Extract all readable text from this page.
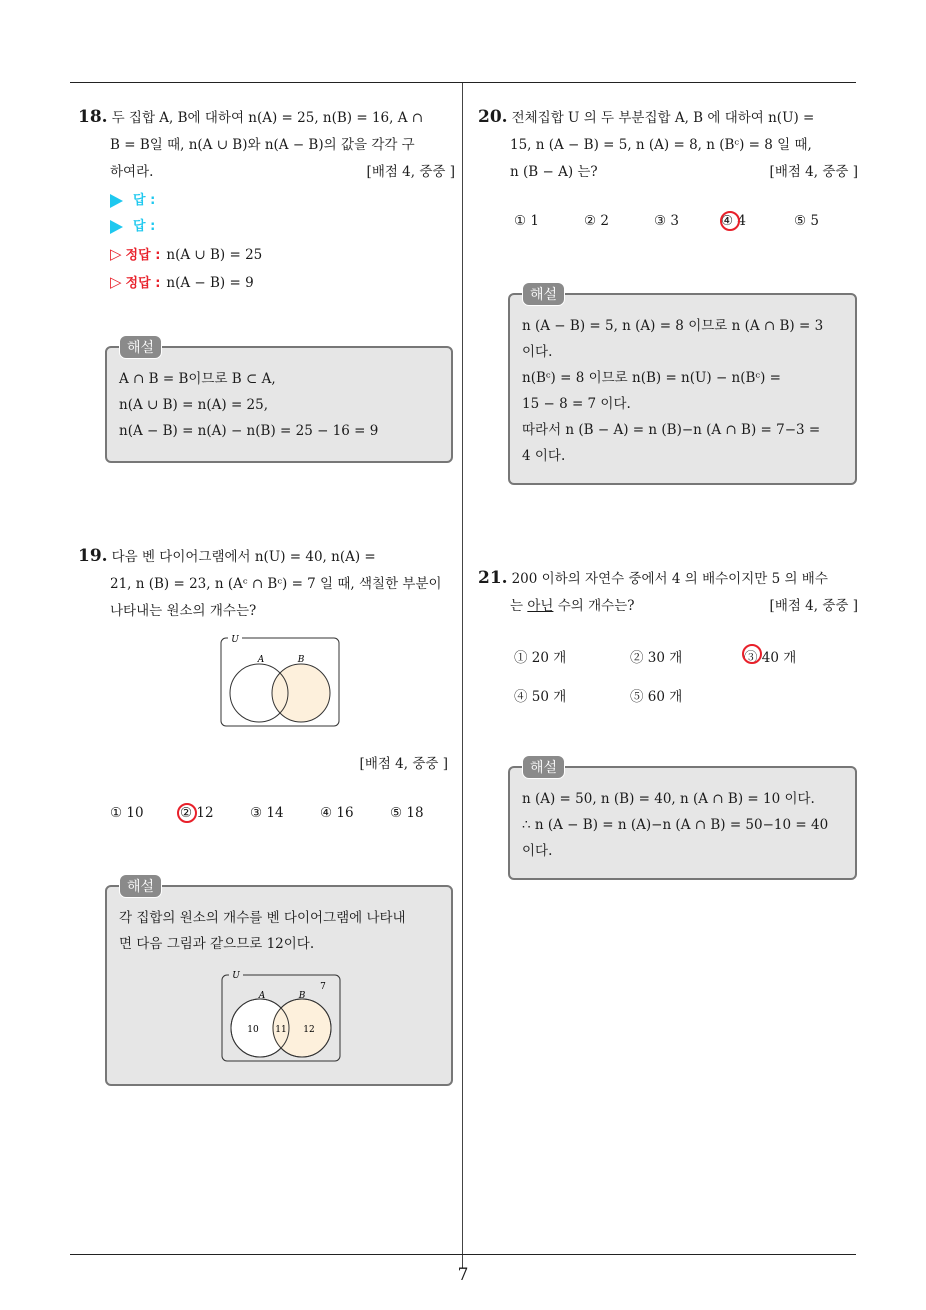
7
18. 두 집합 A, B에 대하여 n(A) = 25, n(B) = 16, A ∩
B = B일 때, n(A ∪ B)와 n(A − B)의 값을 각각 구
하여라.	[배점 4, 중중 ]
답 :
답 :
▷ 정답 : n(A ∪ B) = 25
▷ 정답 : n(A − B) = 9
해설
A ∩ B = B이므로 B ⊂ A,
n(A ∪ B) = n(A) = 25,
n(A − B) = n(A) − n(B) = 25 − 16 = 9
19. 다음 벤 다이어그램에서 n(U) = 40, n(A) =
21, n (B) = 23, n (Aᶜ ∩ Bᶜ) = 7 일 때, 색칠한 부분이
나타내는 원소의 개수는?
U
A	B
[배점 4, 중중 ]
① 10	② 12	③ 14	④ 16	⑤ 18
해설
각 집합의 원소의 개수를 벤 다이어그램에 나타내
면 다음 그림과 같으므로 12이다.
U
A	B
7
10 11 12
20. 전체집합 U 의 두 부분집합 A, B 에 대하여 n(U) =
15, n (A − B) = 5, n (A) = 8, n (Bᶜ) = 8 일 때,
n (B − A) 는?	[배점 4, 중중 ]
① 1	② 2	③ 3	④ 4	⑤ 5
해설
n (A − B) = 5, n (A) = 8 이므로 n (A ∩ B) = 3
이다.
n(Bᶜ) = 8 이므로 n(B) = n(U) − n(Bᶜ) =
15 − 8 = 7 이다.
따라서 n (B − A) = n (B)−n (A ∩ B) = 7−3 =
4 이다.
21. 200 이하의 자연수 중에서 4 의 배수이지만 5 의 배수
는 아닌 수의 개수는?	[배점 4, 중중 ]
① 20 개	② 30 개	③ 40 개
④ 50 개	⑤ 60 개
해설
n (A) = 50, n (B) = 40, n (A ∩ B) = 10 이다.
∴ n (A − B) = n (A)−n (A ∩ B) = 50−10 = 40
이다.
